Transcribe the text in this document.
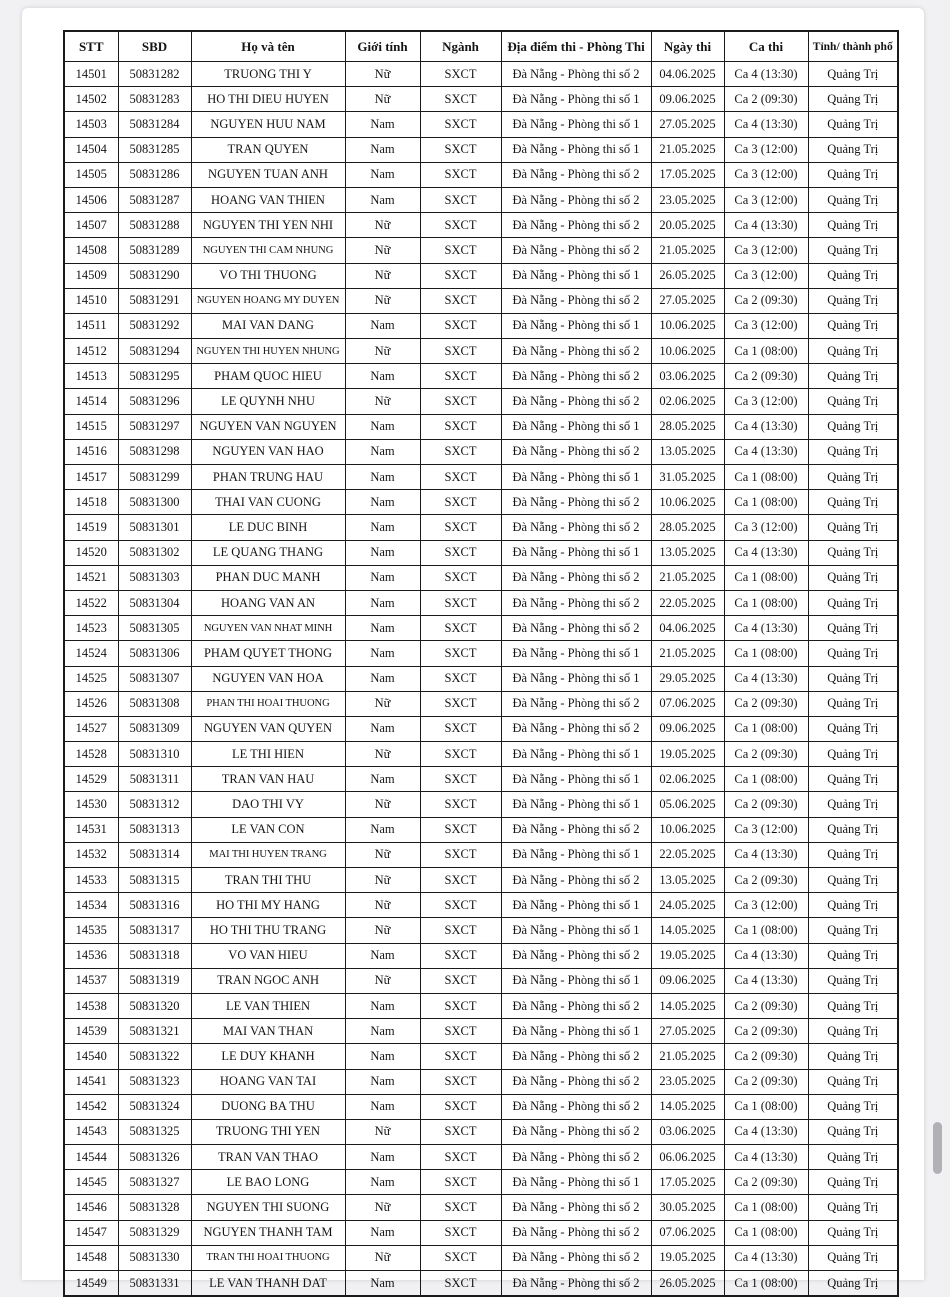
STT	SBD	Họ và tên	Giới tính	Ngành	Địa điểm thi - Phòng Thi	Ngày thi	Ca thi	Tỉnh/ thành phố
14501	50831282	TRUONG THI Y	Nữ	SXCT	Đà Nẵng - Phòng thi số 2	04.06.2025	Ca 4 (13:30)	Quảng Trị
14502	50831283	HO THI DIEU HUYEN	Nữ	SXCT	Đà Nẵng - Phòng thi số 1	09.06.2025	Ca 2 (09:30)	Quảng Trị
14503	50831284	NGUYEN HUU NAM	Nam	SXCT	Đà Nẵng - Phòng thi số 1	27.05.2025	Ca 4 (13:30)	Quảng Trị
14504	50831285	TRAN QUYEN	Nam	SXCT	Đà Nẵng - Phòng thi số 1	21.05.2025	Ca 3 (12:00)	Quảng Trị
14505	50831286	NGUYEN TUAN ANH	Nam	SXCT	Đà Nẵng - Phòng thi số 2	17.05.2025	Ca 3 (12:00)	Quảng Trị
14506	50831287	HOANG VAN THIEN	Nam	SXCT	Đà Nẵng - Phòng thi số 2	23.05.2025	Ca 3 (12:00)	Quảng Trị
14507	50831288	NGUYEN THI YEN NHI	Nữ	SXCT	Đà Nẵng - Phòng thi số 2	20.05.2025	Ca 4 (13:30)	Quảng Trị
14508	50831289	NGUYEN THI CAM NHUNG	Nữ	SXCT	Đà Nẵng - Phòng thi số 2	21.05.2025	Ca 3 (12:00)	Quảng Trị
14509	50831290	VO THI THUONG	Nữ	SXCT	Đà Nẵng - Phòng thi số 1	26.05.2025	Ca 3 (12:00)	Quảng Trị
14510	50831291	NGUYEN HOANG MY DUYEN	Nữ	SXCT	Đà Nẵng - Phòng thi số 2	27.05.2025	Ca 2 (09:30)	Quảng Trị
14511	50831292	MAI VAN DANG	Nam	SXCT	Đà Nẵng - Phòng thi số 1	10.06.2025	Ca 3 (12:00)	Quảng Trị
14512	50831294	NGUYEN THI HUYEN NHUNG	Nữ	SXCT	Đà Nẵng - Phòng thi số 2	10.06.2025	Ca 1 (08:00)	Quảng Trị
14513	50831295	PHAM QUOC HIEU	Nam	SXCT	Đà Nẵng - Phòng thi số 2	03.06.2025	Ca 2 (09:30)	Quảng Trị
14514	50831296	LE QUYNH NHU	Nữ	SXCT	Đà Nẵng - Phòng thi số 2	02.06.2025	Ca 3 (12:00)	Quảng Trị
14515	50831297	NGUYEN VAN NGUYEN	Nam	SXCT	Đà Nẵng - Phòng thi số 1	28.05.2025	Ca 4 (13:30)	Quảng Trị
14516	50831298	NGUYEN VAN HAO	Nam	SXCT	Đà Nẵng - Phòng thi số 2	13.05.2025	Ca 4 (13:30)	Quảng Trị
14517	50831299	PHAN TRUNG HAU	Nam	SXCT	Đà Nẵng - Phòng thi số 1	31.05.2025	Ca 1 (08:00)	Quảng Trị
14518	50831300	THAI VAN CUONG	Nam	SXCT	Đà Nẵng - Phòng thi số 2	10.06.2025	Ca 1 (08:00)	Quảng Trị
14519	50831301	LE DUC BINH	Nam	SXCT	Đà Nẵng - Phòng thi số 2	28.05.2025	Ca 3 (12:00)	Quảng Trị
14520	50831302	LE QUANG THANG	Nam	SXCT	Đà Nẵng - Phòng thi số 1	13.05.2025	Ca 4 (13:30)	Quảng Trị
14521	50831303	PHAN DUC MANH	Nam	SXCT	Đà Nẵng - Phòng thi số 2	21.05.2025	Ca 1 (08:00)	Quảng Trị
14522	50831304	HOANG VAN AN	Nam	SXCT	Đà Nẵng - Phòng thi số 2	22.05.2025	Ca 1 (08:00)	Quảng Trị
14523	50831305	NGUYEN VAN NHAT MINH	Nam	SXCT	Đà Nẵng - Phòng thi số 2	04.06.2025	Ca 4 (13:30)	Quảng Trị
14524	50831306	PHAM QUYET THONG	Nam	SXCT	Đà Nẵng - Phòng thi số 1	21.05.2025	Ca 1 (08:00)	Quảng Trị
14525	50831307	NGUYEN VAN HOA	Nam	SXCT	Đà Nẵng - Phòng thi số 1	29.05.2025	Ca 4 (13:30)	Quảng Trị
14526	50831308	PHAN THI HOAI THUONG	Nữ	SXCT	Đà Nẵng - Phòng thi số 2	07.06.2025	Ca 2 (09:30)	Quảng Trị
14527	50831309	NGUYEN VAN QUYEN	Nam	SXCT	Đà Nẵng - Phòng thi số 2	09.06.2025	Ca 1 (08:00)	Quảng Trị
14528	50831310	LE THI HIEN	Nữ	SXCT	Đà Nẵng - Phòng thi số 1	19.05.2025	Ca 2 (09:30)	Quảng Trị
14529	50831311	TRAN VAN HAU	Nam	SXCT	Đà Nẵng - Phòng thi số 1	02.06.2025	Ca 1 (08:00)	Quảng Trị
14530	50831312	DAO THI VY	Nữ	SXCT	Đà Nẵng - Phòng thi số 1	05.06.2025	Ca 2 (09:30)	Quảng Trị
14531	50831313	LE VAN CON	Nam	SXCT	Đà Nẵng - Phòng thi số 2	10.06.2025	Ca 3 (12:00)	Quảng Trị
14532	50831314	MAI THI HUYEN TRANG	Nữ	SXCT	Đà Nẵng - Phòng thi số 1	22.05.2025	Ca 4 (13:30)	Quảng Trị
14533	50831315	TRAN THI THU	Nữ	SXCT	Đà Nẵng - Phòng thi số 2	13.05.2025	Ca 2 (09:30)	Quảng Trị
14534	50831316	HO THI MY HANG	Nữ	SXCT	Đà Nẵng - Phòng thi số 1	24.05.2025	Ca 3 (12:00)	Quảng Trị
14535	50831317	HO THI THU TRANG	Nữ	SXCT	Đà Nẵng - Phòng thi số 1	14.05.2025	Ca 1 (08:00)	Quảng Trị
14536	50831318	VO VAN HIEU	Nam	SXCT	Đà Nẵng - Phòng thi số 2	19.05.2025	Ca 4 (13:30)	Quảng Trị
14537	50831319	TRAN NGOC ANH	Nữ	SXCT	Đà Nẵng - Phòng thi số 1	09.06.2025	Ca 4 (13:30)	Quảng Trị
14538	50831320	LE VAN THIEN	Nam	SXCT	Đà Nẵng - Phòng thi số 2	14.05.2025	Ca 2 (09:30)	Quảng Trị
14539	50831321	MAI VAN THAN	Nam	SXCT	Đà Nẵng - Phòng thi số 1	27.05.2025	Ca 2 (09:30)	Quảng Trị
14540	50831322	LE DUY KHANH	Nam	SXCT	Đà Nẵng - Phòng thi số 2	21.05.2025	Ca 2 (09:30)	Quảng Trị
14541	50831323	HOANG VAN TAI	Nam	SXCT	Đà Nẵng - Phòng thi số 2	23.05.2025	Ca 2 (09:30)	Quảng Trị
14542	50831324	DUONG BA THU	Nam	SXCT	Đà Nẵng - Phòng thi số 2	14.05.2025	Ca 1 (08:00)	Quảng Trị
14543	50831325	TRUONG THI YEN	Nữ	SXCT	Đà Nẵng - Phòng thi số 2	03.06.2025	Ca 4 (13:30)	Quảng Trị
14544	50831326	TRAN VAN THAO	Nam	SXCT	Đà Nẵng - Phòng thi số 2	06.06.2025	Ca 4 (13:30)	Quảng Trị
14545	50831327	LE BAO LONG	Nam	SXCT	Đà Nẵng - Phòng thi số 1	17.05.2025	Ca 2 (09:30)	Quảng Trị
14546	50831328	NGUYEN THI SUONG	Nữ	SXCT	Đà Nẵng - Phòng thi số 2	30.05.2025	Ca 1 (08:00)	Quảng Trị
14547	50831329	NGUYEN THANH TAM	Nam	SXCT	Đà Nẵng - Phòng thi số 2	07.06.2025	Ca 1 (08:00)	Quảng Trị
14548	50831330	TRAN THI HOAI THUONG	Nữ	SXCT	Đà Nẵng - Phòng thi số 2	19.05.2025	Ca 4 (13:30)	Quảng Trị
14549	50831331	LE VAN THANH DAT	Nam	SXCT	Đà Nẵng - Phòng thi số 2	26.05.2025	Ca 1 (08:00)	Quảng Trị
